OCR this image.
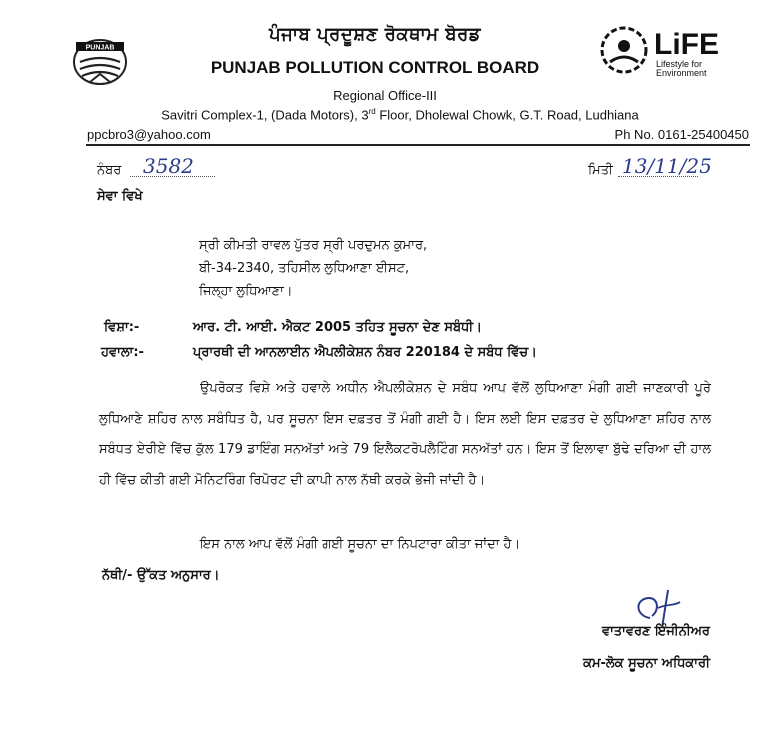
PUNJAB	LiFE
Lifestyle for
Environment
ਪੰਜਾਬ ਪ੍ਰਦੂਸ਼ਣ ਰੋਕਥਾਮ ਬੋਰਡ
PUNJAB POLLUTION CONTROL BOARD
Regional Office-III
Savitri Complex-1, (Dada Motors), 3rd Floor, Dholewal Chowk, G.T. Road, Ludhiana
ppcbro3@yahoo.com	Ph No. 0161-25400450
ਨੰਬਰ 3582	ਮਿਤੀ 13/11/25
ਸੇਵਾ ਵਿਖੇ
ਸ੍ਰੀ ਕੀਮਤੀ ਰਾਵਲ ਪੁੱਤਰ ਸ੍ਰੀ ਪਰਦੁਮਨ ਕੁਮਾਰ,
ਬੀ-34-2340, ਤਹਿਸੀਲ ਲੁਧਿਆਣਾ ਈਸਟ,
ਜਿਲ੍ਹਾ ਲੁਧਿਆਣਾ।
ਵਿਸ਼ਾ:-	ਆਰ. ਟੀ. ਆਈ. ਐਕਟ 2005 ਤਹਿਤ ਸੂਚਨਾ ਦੇਣ ਸਬੰਧੀ।
ਹਵਾਲਾ:-	ਪ੍ਰਾਰਥੀ ਦੀ ਆਨਲਾਈਨ ਐਪਲੀਕੇਸ਼ਨ ਨੰਬਰ 220184 ਦੇ ਸਬੰਧ ਵਿੱਚ।
ਉਪਰੋਕਤ ਵਿਸ਼ੇ ਅਤੇ ਹਵਾਲੇ ਅਧੀਨ ਐਪਲੀਕੇਸ਼ਨ ਦੇ ਸਬੰਧ ਆਪ ਵੱਲੋਂ ਲੁਧਿਆਣਾ ਮੰਗੀ ਗਈ ਜਾਣਕਾਰੀ ਪੂਰੇ ਲੁਧਿਆਣੇ ਸ਼ਹਿਰ ਨਾਲ ਸਬੰਧਿਤ ਹੈ, ਪਰ ਸੂਚਨਾ ਇਸ ਦਫ਼ਤਰ ਤੋਂ ਮੰਗੀ ਗਈ ਹੈ। ਇਸ ਲਈ ਇਸ ਦਫ਼ਤਰ ਦੇ ਲੁਧਿਆਣਾ ਸ਼ਹਿਰ ਨਾਲ ਸਬੰਧਤ ਏਰੀਏ ਵਿੱਚ ਕੁੱਲ 179 ਡਾਇੰਗ ਸਨਅੱਤਾਂ ਅਤੇ 79 ਇਲੈਕਟਰੋਪਲੈਟਿੰਗ ਸਨਅੱਤਾਂ ਹਨ। ਇਸ ਤੋਂ ਇਲਾਵਾ ਬੁੱਢੇ ਦਰਿਆ ਦੀ ਹਾਲ ਹੀ ਵਿੱਚ ਕੀਤੀ ਗਈ ਮੋਨਿਟਰਿੰਗ ਰਿਪੋਰਟ ਦੀ ਕਾਪੀ ਨਾਲ ਨੱਥੀ ਕਰਕੇ ਭੇਜੀ ਜਾਂਦੀ ਹੈ।
ਇਸ ਨਾਲ ਆਪ ਵੱਲੋਂ ਮੰਗੀ ਗਈ ਸੂਚਨਾ ਦਾ ਨਿਪਟਾਰਾ ਕੀਤਾ ਜਾਂਦਾ ਹੈ।
ਨੱਥੀ/- ਉੱਕਤ ਅਨੁਸਾਰ।
ਵਾਤਾਵਰਣ ਇੰਜੀਨੀਅਰ
ਕਮ-ਲੋਕ ਸੂਚਨਾ ਅਧਿਕਾਰੀ
